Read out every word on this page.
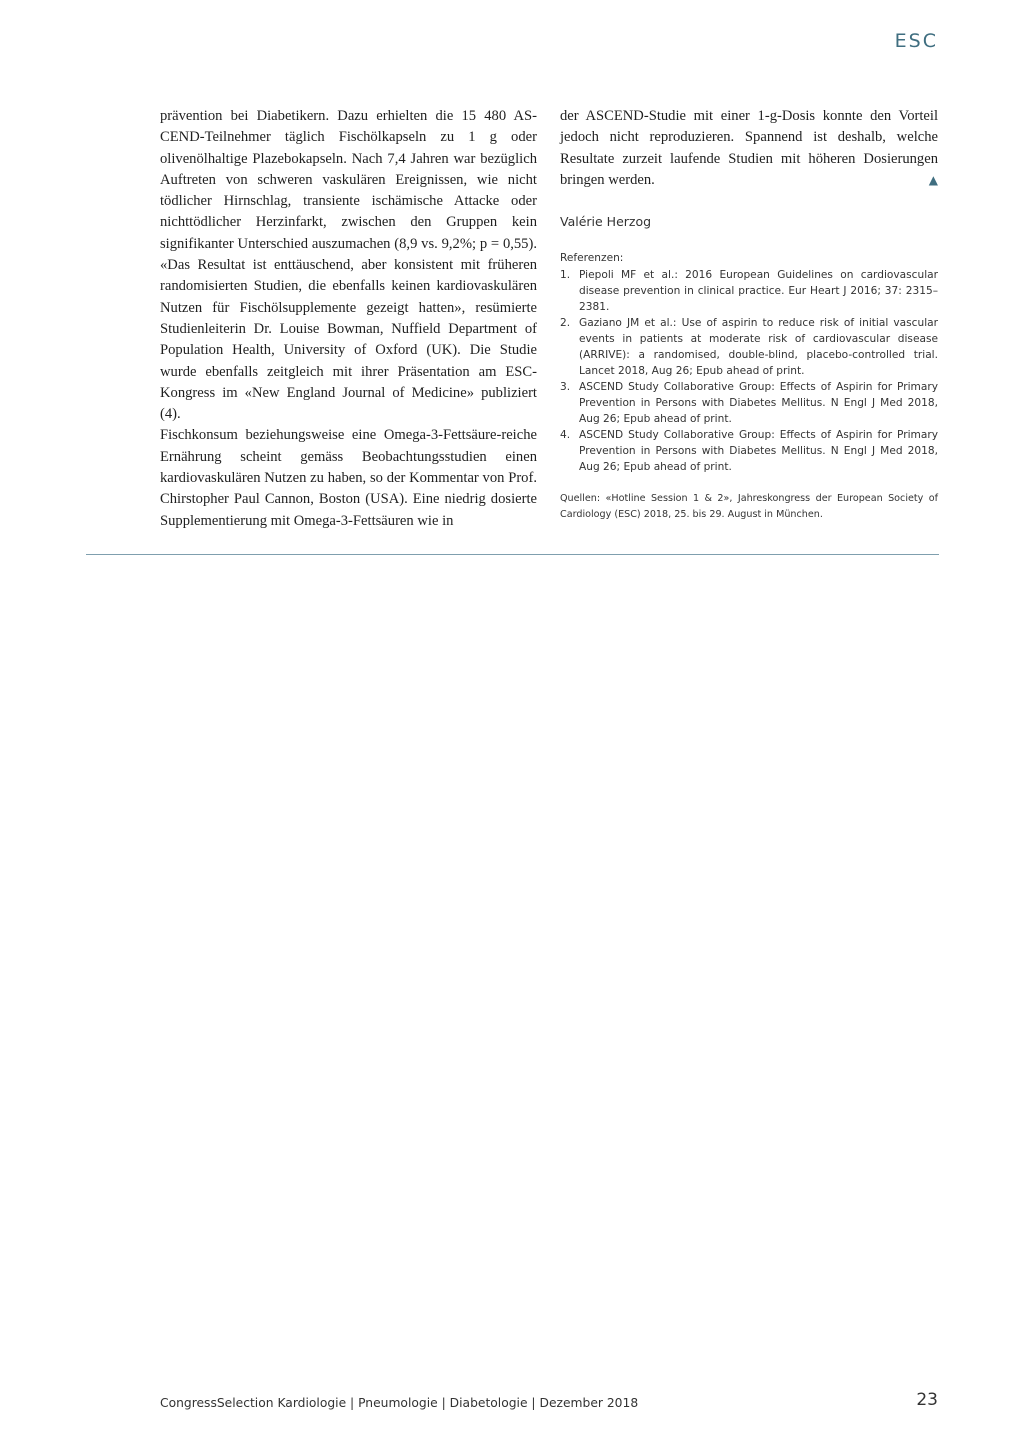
ESC

prävention bei Diabetikern. Dazu erhielten die 15 480 AS-CEND-Teilnehmer täglich Fischölkapseln zu 1 g oder olivenölhaltige Plazebokapseln. Nach 7,4 Jahren war bezüglich Auftreten von schweren vaskulären Ereignissen, wie nicht tödlicher Hirnschlag, transiente ischämische Attacke oder nichttödlicher Herzinfarkt, zwischen den Gruppen kein signifikanter Unterschied auszumachen (8,9 vs. 9,2%; p = 0,55). «Das Resultat ist enttäuschend, aber konsistent mit früheren randomisierten Studien, die ebenfalls keinen kardiovaskulären Nutzen für Fischölsupplemente gezeigt hatten», resümierte Studienleiterin Dr. Louise Bowman, Nuffield Department of Population Health, University of Oxford (UK). Die Studie wurde ebenfalls zeitgleich mit ihrer Präsentation am ESC-Kongress im «New England Journal of Medicine» publiziert (4).

Fischkonsum beziehungsweise eine Omega-3-Fettsäure-reiche Ernährung scheint gemäss Beobachtungsstudien einen kardiovaskulären Nutzen zu haben, so der Kommentar von Prof. Chirstopher Paul Cannon, Boston (USA). Eine niedrig dosierte Supplementierung mit Omega-3-Fettsäuren wie in

der ASCEND-Studie mit einer 1-g-Dosis konnte den Vorteil jedoch nicht reproduzieren. Spannend ist deshalb, welche Resultate zurzeit laufende Studien mit höheren Dosierungen bringen werden.	▲

Valérie Herzog
Referenzen:
1. Piepoli MF et al.: 2016 European Guidelines on cardiovascular disease prevention in clinical practice. Eur Heart J 2016; 37: 2315–2381.
2. Gaziano JM et al.: Use of aspirin to reduce risk of initial vascular events in patients at moderate risk of cardiovascular disease (ARRIVE): a randomised, double-blind, placebo-controlled trial. Lancet 2018, Aug 26; Epub ahead of print.
3. ASCEND Study Collaborative Group: Effects of Aspirin for Primary Prevention in Persons with Diabetes Mellitus. N Engl J Med 2018, Aug 26; Epub ahead of print.
4. ASCEND Study Collaborative Group: Effects of Aspirin for Primary Prevention in Persons with Diabetes Mellitus. N Engl J Med 2018, Aug 26; Epub ahead of print.
Quellen: «Hotline Session 1 & 2», Jahreskongress der European Society of Cardiology (ESC) 2018, 25. bis 29. August in München.
CongressSelection Kardiologie | Pneumologie | Diabetologie | Dezember 2018	23
